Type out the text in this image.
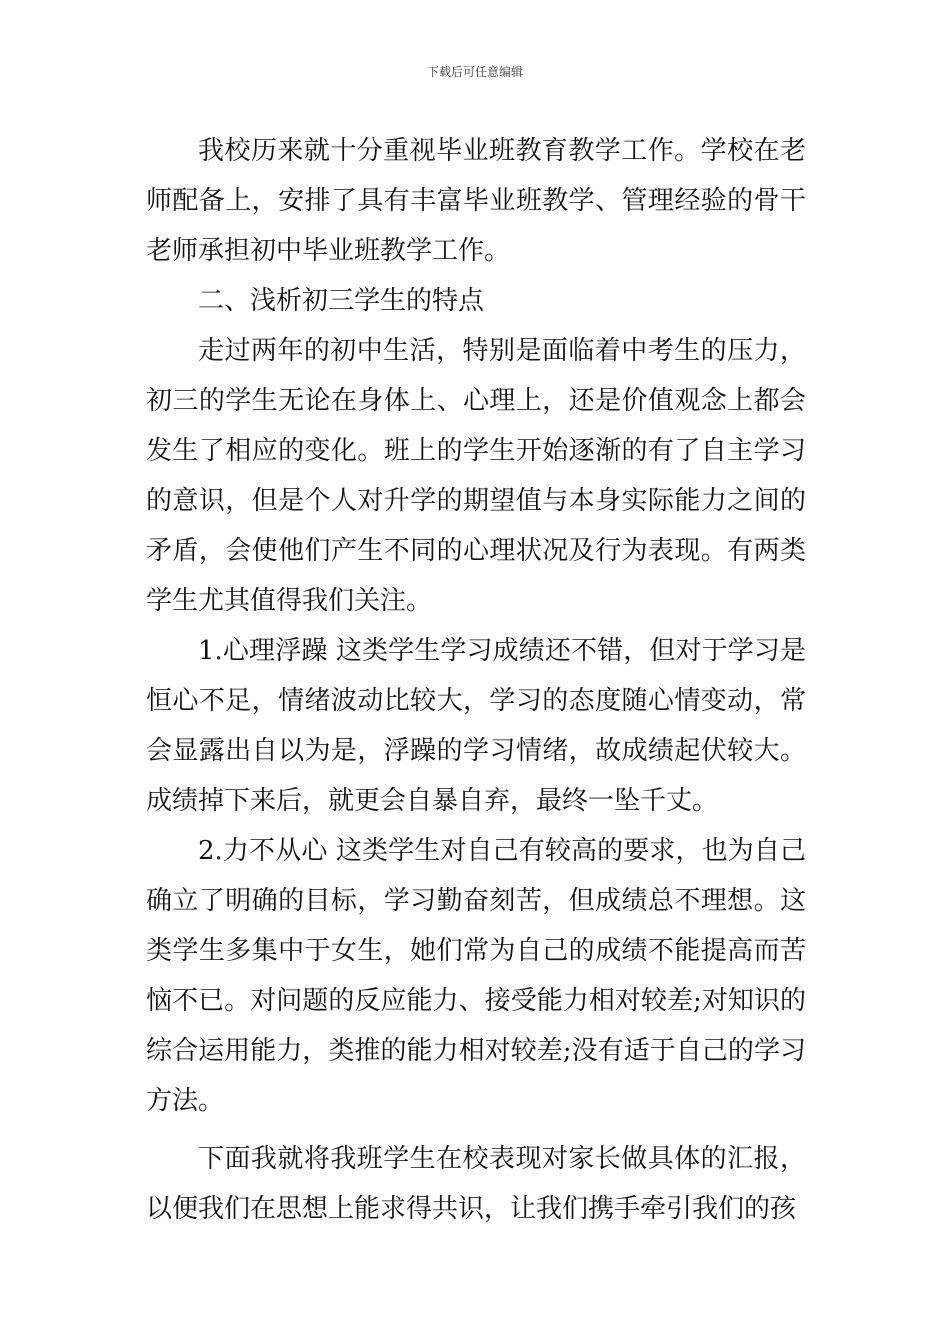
下载后可任意编辑

我校历来就十分重视毕业班教育教学工作。学校在老师配备上，安排了具有丰富毕业班教学、管理经验的骨干老师承担初中毕业班教学工作。

二、浅析初三学生的特点

走过两年的初中生活，特别是面临着中考生的压力，初三的学生无论在身体上、心理上，还是价值观念上都会发生了相应的变化。班上的学生开始逐渐的有了自主学习的意识，但是个人对升学的期望值与本身实际能力之间的矛盾，会使他们产生不同的心理状况及行为表现。有两类学生尤其值得我们关注。

1.心理浮躁 这类学生学习成绩还不错，但对于学习是恒心不足，情绪波动比较大，学习的态度随心情变动，常会显露出自以为是，浮躁的学习情绪，故成绩起伏较大。成绩掉下来后，就更会自暴自弃，最终一坠千丈。

2.力不从心 这类学生对自己有较高的要求，也为自己确立了明确的目标，学习勤奋刻苦，但成绩总不理想。这类学生多集中于女生，她们常为自己的成绩不能提高而苦恼不已。对问题的反应能力、接受能力相对较差;对知识的综合运用能力，类推的能力相对较差;没有适于自己的学习方法。

下面我就将我班学生在校表现对家长做具体的汇报，以便我们在思想上能求得共识，让我们携手牵引我们的孩
